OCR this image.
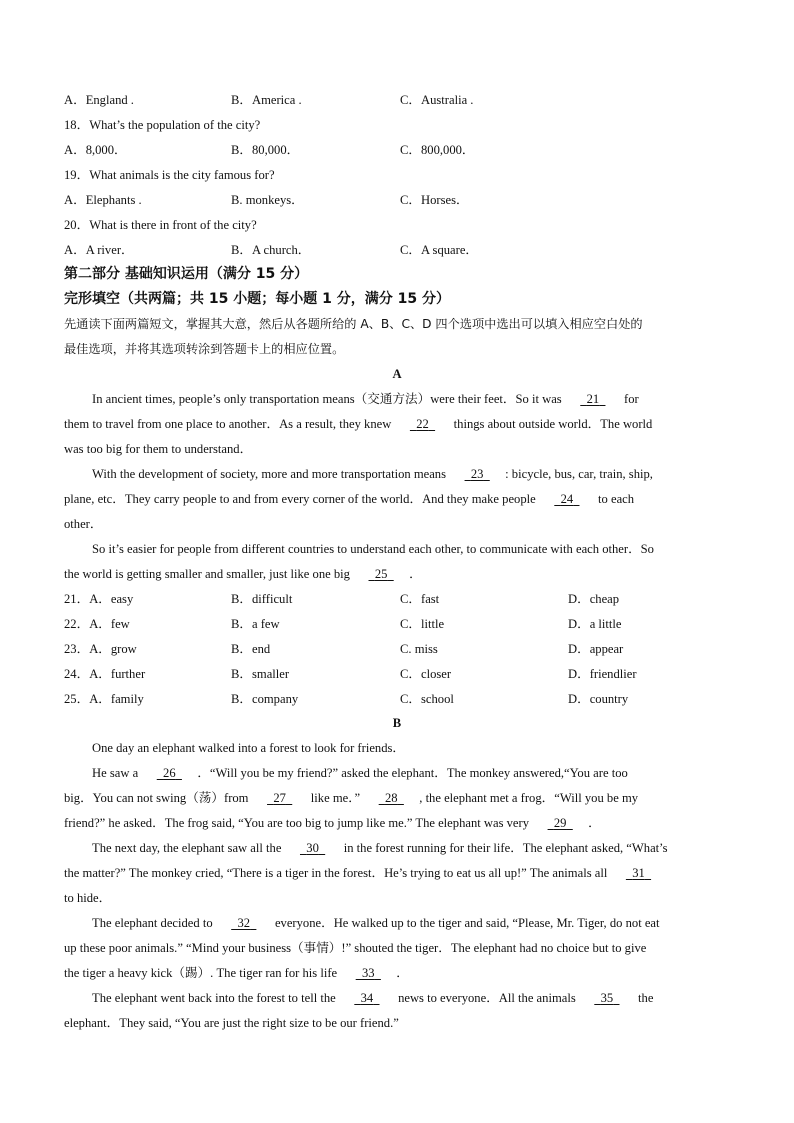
A．England .	B．America .	C．Australia .
18．What’s the population of the city?
A．8,000．	B．80,000．	C．800,000．
19．What animals is the city famous for?
A．Elephants .	B. monkeys．	C．Horses．
20．What is there in front of the city?
A．A river．	B．A church．	C．A square．
第二部分 基础知识运用（满分 15 分）
完形填空（共两篇；共 15 小题；每小题 1 分，满分 15 分）
先通读下面两篇短文，掌握其大意，然后从各题所给的 A、B、C、D 四个选项中选出可以填入相应空白处的
最佳选项，并将其选项转涂到答题卡上的相应位置。
A
In ancient times, people’s only transportation means（交通方法）were their feet．So it was 21 for
them to travel from one place to another．As a result, they knew 22 things about outside world．The world
was too big for them to understand．
With the development of society, more and more transportation means 23 : bicycle, bus, car, train, ship,
plane, etc．They carry people to and from every corner of the world．And they make people 24 to each
other．
So it’s easier for people from different countries to understand each other, to communicate with each other．So
the world is getting smaller and smaller, just like one big 25 ．
21．A．easy	B．difficult	C．fast	D．cheap
22．A．few	B．a few	C．little	D．a little
23．A．grow	B．end	C. miss	D．appear
24．A．further	B．smaller	C．closer	D．friendlier
25．A．family	B．company	C．school	D．country
B
One day an elephant walked into a forest to look for friends．
He saw a 26 ．“Will you be my friend?” asked the elephant．The monkey answered,“You are too
big．You can not swing（荡）from 27 like me．” 28 , the elephant met a frog．“Will you be my
friend?” he asked．The frog said, “You are too big to jump like me.” The elephant was very 29 ．
The next day, the elephant saw all the 30 in the forest running for their life．The elephant asked, “What’s
the matter?” The monkey cried, “There is a tiger in the forest．He’s trying to eat us all up!” The animals all 31
to hide．
The elephant decided to 32 everyone．He walked up to the tiger and said, “Please, Mr. Tiger, do not eat
up these poor animals.” “Mind your business（事情）!” shouted the tiger．The elephant had no choice but to give
the tiger a heavy kick（踢）. The tiger ran for his life 33 ．
The elephant went back into the forest to tell the 34 news to everyone．All the animals 35 the
elephant．They said, “You are just the right size to be our friend.”
